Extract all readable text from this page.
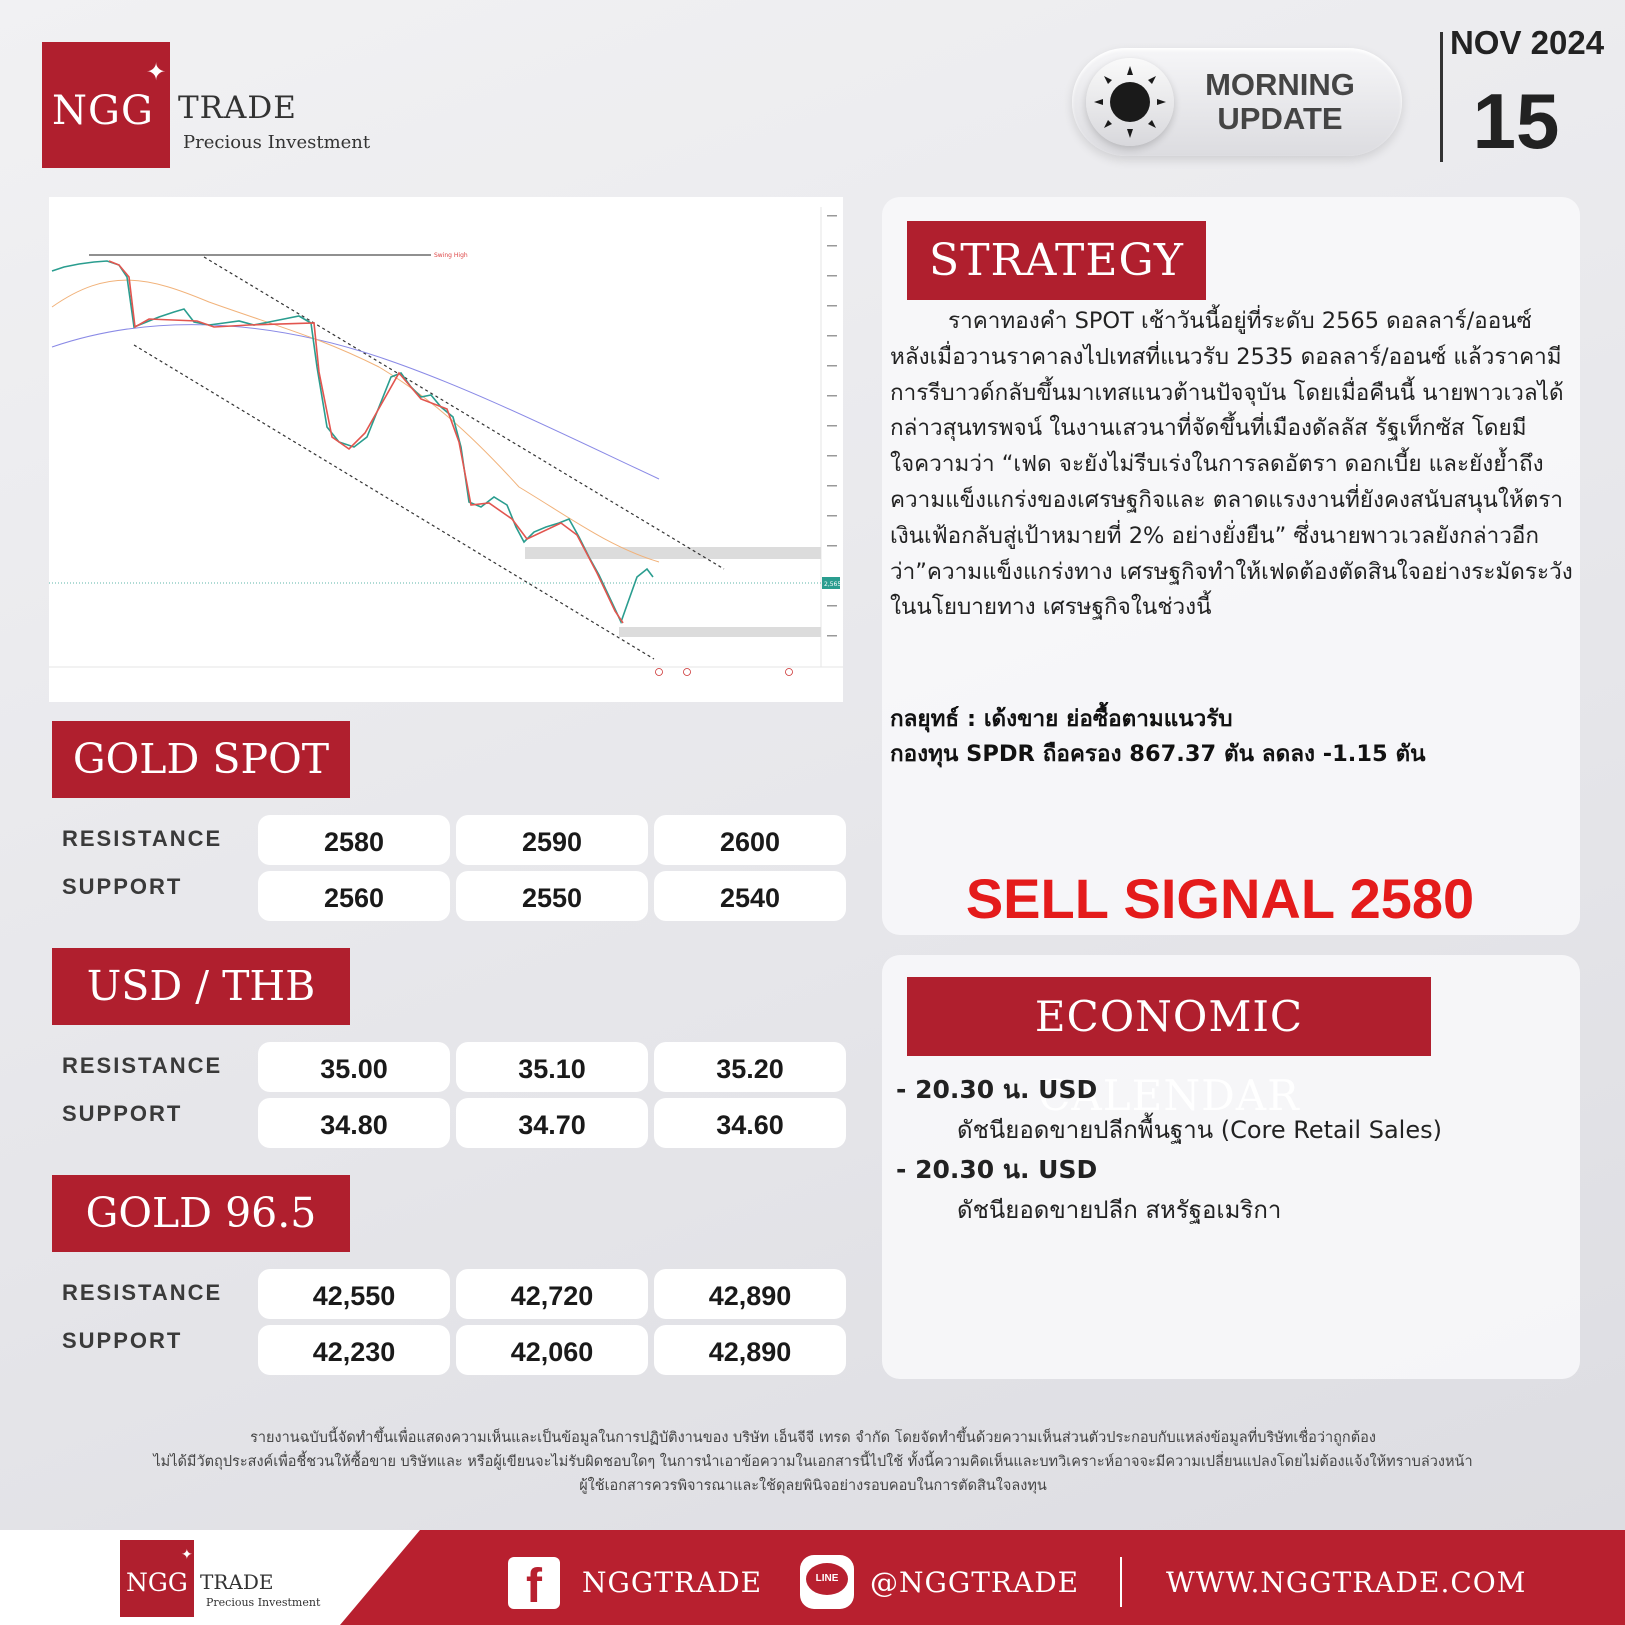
NGG
✦
TRADE
Precious Investment
MORNING
UPDATE
NOV 2024
15
Swing High
2,565
GOLD SPOT
RESISTANCE
SUPPORT
2580	2590	2600
2560	2550	2540
USD / THB
RESISTANCE
SUPPORT
35.00	35.10	35.20
34.80	34.70	34.60
GOLD 96.5
RESISTANCE
SUPPORT
42,550	42,720	42,890
42,230	42,060	42,890
STRATEGY
ราคาทองคำ SPOT เช้าวันนี้อยู่ที่ระดับ 2565 ดอลลาร์/ออนซ์ หลังเมื่อวานราคาลงไปเทสที่แนวรับ 2535 ดอลลาร์/ออนซ์ แล้วราคามีการรีบาวด์กลับขึ้นมาเทสแนวต้านปัจจุบัน โดยเมื่อคืนนี้ นายพาวเวลได้กล่าวสุนทรพจน์ ในงานเสวนาที่จัดขึ้นที่เมืองดัลลัส รัฐเท็กซัส โดยมีใจความว่า “เฟด จะยังไม่รีบเร่งในการลดอัตรา ดอกเบี้ย และยังย้ำถึงความแข็งแกร่งของเศรษฐกิจและ ตลาดแรงงานที่ยังคงสนับสนุนให้ตราเงินเฟ้อกลับสู่เป้าหมายที่ 2% อย่างยั่งยืน” ซึ่งนายพาวเวลยังกล่าวอีกว่า”ความแข็งแกร่งทาง เศรษฐกิจทำให้เฟดต้องตัดสินใจอย่างระมัดระวังในนโยบายทาง เศรษฐกิจในช่วงนี้
กลยุทธ์ : เด้งขาย ย่อซื้อตามแนวรับ
กองทุน SPDR ถือครอง 867.37 ตัน ลดลง -1.15 ตัน
SELL SIGNAL 2580
ECONOMIC CALENDAR
- 20.30 น. USD
ดัชนียอดขายปลีกพื้นฐาน (Core Retail Sales)
- 20.30 น. USD
ดัชนียอดขายปลีก สหรัฐอเมริกา
รายงานฉบับนี้จัดทำขึ้นเพื่อแสดงความเห็นและเป็นข้อมูลในการปฏิบัติงานของ บริษัท เอ็นจีจี เทรด จำกัด โดยจัดทำขึ้นด้วยความเห็นส่วนตัวประกอบกับแหล่งข้อมูลที่บริษัทเชื่อว่าถูกต้อง
ไม่ได้มีวัตถุประสงค์เพื่อชี้ชวนให้ซื้อขาย บริษัทและ หรือผู้เขียนจะไม่รับผิดชอบใดๆ ในการนำเอาข้อความในเอกสารนี้ไปใช้ ทั้งนี้ความคิดเห็นและบทวิเคราะห์อาจจะมีความเปลี่ยนแปลงโดยไม่ต้องแจ้งให้ทราบล่วงหน้า
ผู้ใช้เอกสารควรพิจารณาและใช้ดุลยพินิจอย่างรอบคอบในการตัดสินใจลงทุน
NGG
✦
TRADE
Precious Investment	f	NGGTRADE	LINE	@NGGTRADE	WWW.NGGTRADE.COM
